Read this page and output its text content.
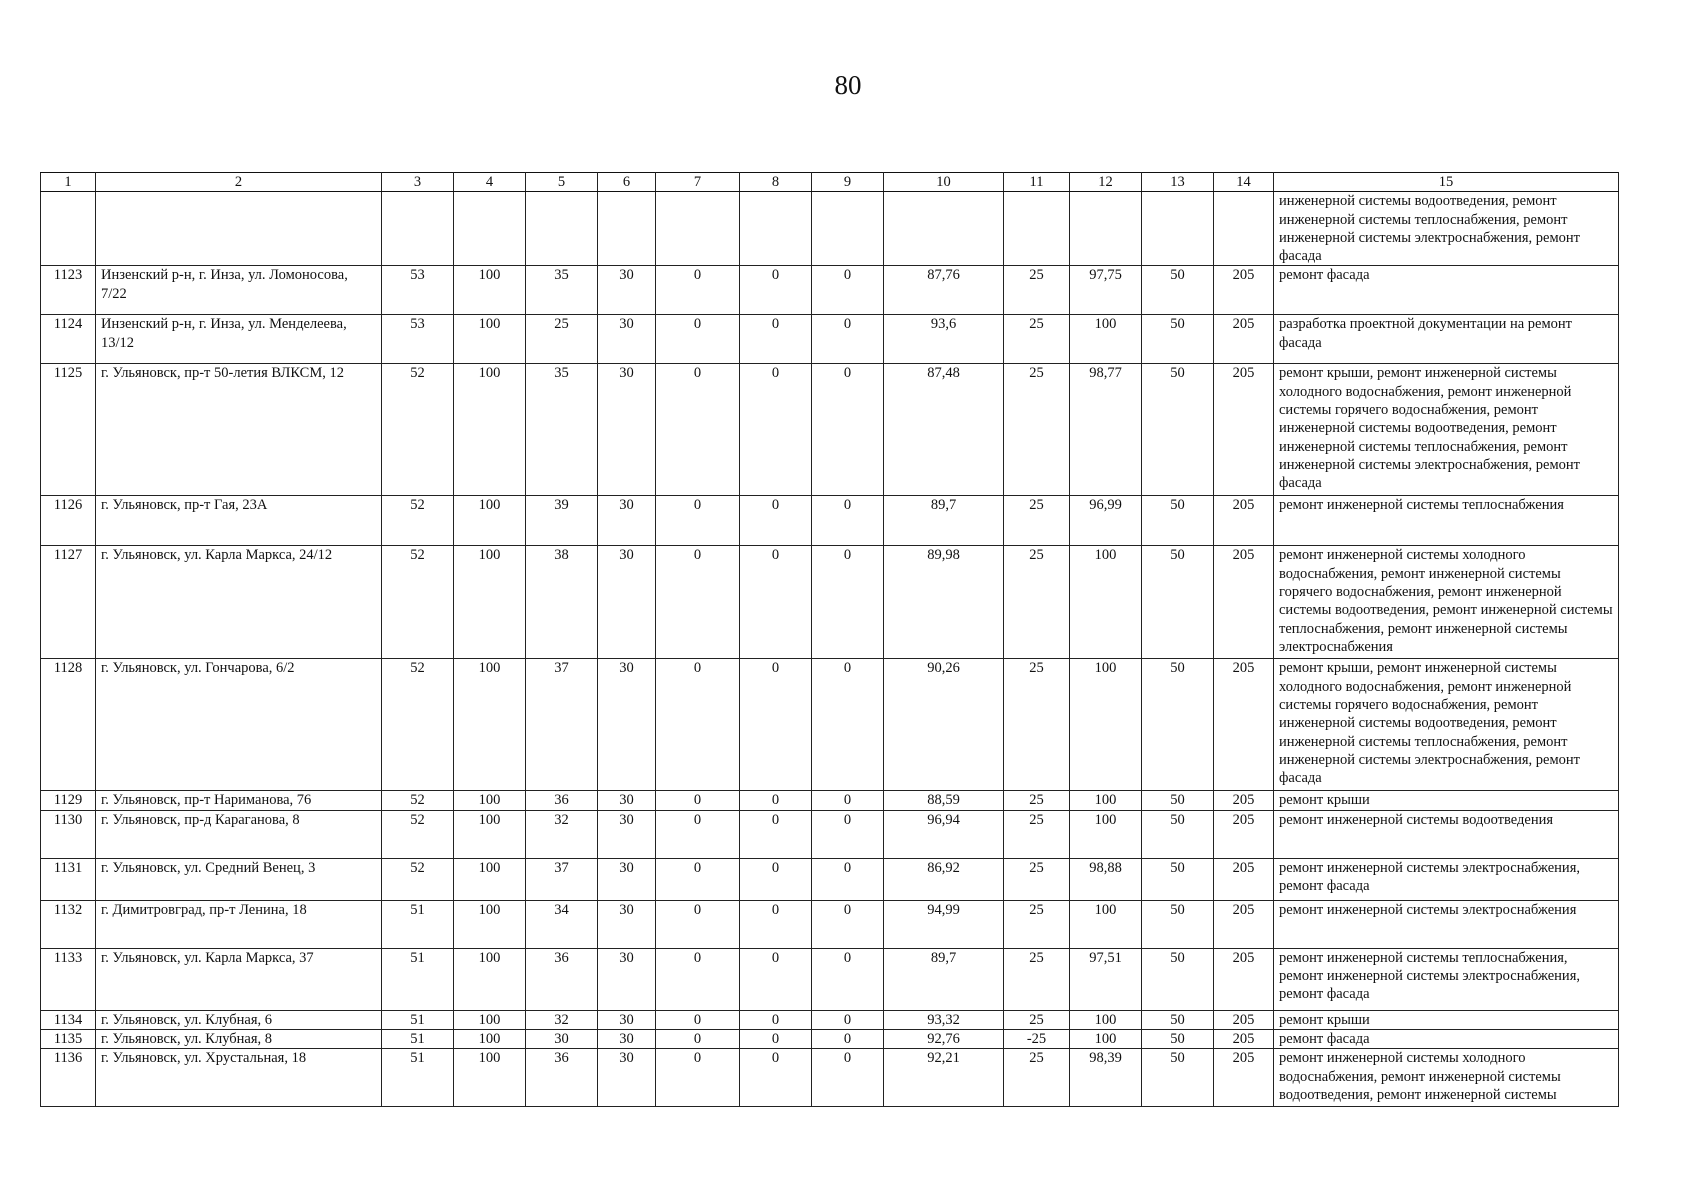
80
1	2	3	4	5	6	7	8	9	10	11	12	13	14	15
														инженерной системы водоотведения, ремонт инженерной системы теплоснабжения, ремонт инженерной системы электроснабжения, ремонт фасада
1123	Инзенский р-н, г. Инза, ул. Ломоносова, 7/22	53	100	35	30	0	0	0	87,76	25	97,75	50	205	ремонт фасада
1124	Инзенский р-н, г. Инза, ул. Менделеева, 13/12	53	100	25	30	0	0	0	93,6	25	100	50	205	разработка проектной документации на ремонт фасада
1125	г. Ульяновск, пр-т 50-летия ВЛКСМ, 12	52	100	35	30	0	0	0	87,48	25	98,77	50	205	ремонт крыши, ремонт инженерной системы холодного водоснабжения, ремонт инженерной системы горячего водоснабжения, ремонт инженерной системы водоотведения, ремонт инженерной системы теплоснабжения, ремонт инженерной системы электроснабжения, ремонт фасада
1126	г. Ульяновск, пр-т Гая, 23А	52	100	39	30	0	0	0	89,7	25	96,99	50	205	ремонт инженерной системы теплоснабжения
1127	г. Ульяновск, ул. Карла Маркса, 24/12	52	100	38	30	0	0	0	89,98	25	100	50	205	ремонт инженерной системы холодного водоснабжения, ремонт инженерной системы горячего водоснабжения, ремонт инженерной системы водоотведения, ремонт инженерной системы теплоснабжения, ремонт инженерной системы электроснабжения
1128	г. Ульяновск, ул. Гончарова, 6/2	52	100	37	30	0	0	0	90,26	25	100	50	205	ремонт крыши, ремонт инженерной системы холодного водоснабжения, ремонт инженерной системы горячего водоснабжения, ремонт инженерной системы водоотведения, ремонт инженерной системы теплоснабжения, ремонт инженерной системы электроснабжения, ремонт фасада
1129	г. Ульяновск, пр-т Нариманова, 76	52	100	36	30	0	0	0	88,59	25	100	50	205	ремонт крыши
1130	г. Ульяновск, пр-д Караганова, 8	52	100	32	30	0	0	0	96,94	25	100	50	205	ремонт инженерной системы водоотведения
1131	г. Ульяновск, ул. Средний Венец, 3	52	100	37	30	0	0	0	86,92	25	98,88	50	205	ремонт инженерной системы электроснабжения, ремонт фасада
1132	г. Димитровград, пр-т Ленина, 18	51	100	34	30	0	0	0	94,99	25	100	50	205	ремонт инженерной системы электроснабжения
1133	г. Ульяновск, ул. Карла Маркса, 37	51	100	36	30	0	0	0	89,7	25	97,51	50	205	ремонт инженерной системы теплоснабжения, ремонт инженерной системы электроснабжения, ремонт фасада
1134	г. Ульяновск, ул. Клубная, 6	51	100	32	30	0	0	0	93,32	25	100	50	205	ремонт крыши
1135	г. Ульяновск, ул. Клубная, 8	51	100	30	30	0	0	0	92,76	-25	100	50	205	ремонт фасада
1136	г. Ульяновск, ул. Хрустальная, 18	51	100	36	30	0	0	0	92,21	25	98,39	50	205	ремонт инженерной системы холодного водоснабжения, ремонт инженерной системы водоотведения, ремонт инженерной системы
